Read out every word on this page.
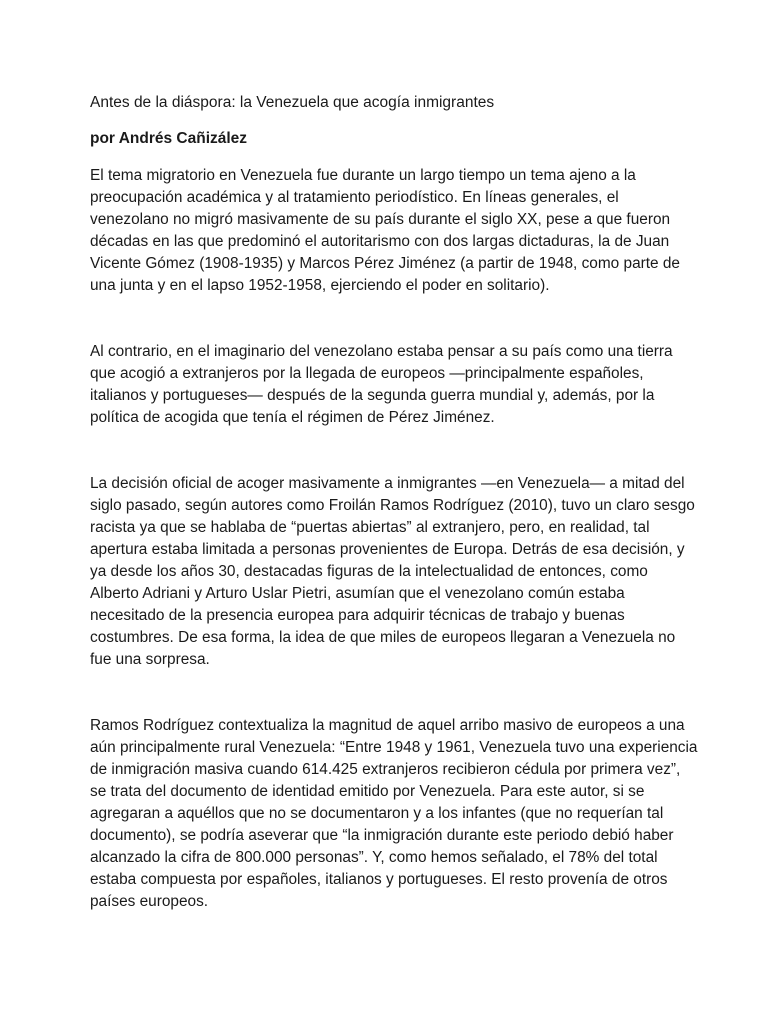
Antes de la diáspora: la Venezuela que acogía inmigrantes
por Andrés Cañizález
El tema migratorio en Venezuela fue durante un largo tiempo un tema ajeno a la
preocupación académica y al tratamiento periodístico. En líneas generales, el
venezolano no migró masivamente de su país durante el siglo XX, pese a que fueron
décadas en las que predominó el autoritarismo con dos largas dictaduras, la de Juan
Vicente Gómez (1908-1935) y Marcos Pérez Jiménez (a partir de 1948, como parte de
una junta y en el lapso 1952-1958, ejerciendo el poder en solitario).
Al contrario, en el imaginario del venezolano estaba pensar a su país como una tierra
que acogió a extranjeros por la llegada de europeos —principalmente españoles,
italianos y portugueses— después de la segunda guerra mundial y, además, por la
política de acogida que tenía el régimen de Pérez Jiménez.
La decisión oficial de acoger masivamente a inmigrantes —en Venezuela— a mitad del
siglo pasado, según autores como Froilán Ramos Rodríguez (2010), tuvo un claro sesgo
racista ya que se hablaba de “puertas abiertas” al extranjero, pero, en realidad, tal
apertura estaba limitada a personas provenientes de Europa. Detrás de esa decisión, y
ya desde los años 30, destacadas figuras de la intelectualidad de entonces, como
Alberto Adriani y Arturo Uslar Pietri, asumían que el venezolano común estaba
necesitado de la presencia europea para adquirir técnicas de trabajo y buenas
costumbres. De esa forma, la idea de que miles de europeos llegaran a Venezuela no
fue una sorpresa.
Ramos Rodríguez contextualiza la magnitud de aquel arribo masivo de europeos a una
aún principalmente rural Venezuela: “Entre 1948 y 1961, Venezuela tuvo una experiencia
de inmigración masiva cuando 614.425 extranjeros recibieron cédula por primera vez”,
se trata del documento de identidad emitido por Venezuela. Para este autor, si se
agregaran a aquéllos que no se documentaron y a los infantes (que no requerían tal
documento), se podría aseverar que “la inmigración durante este periodo debió haber
alcanzado la cifra de 800.000 personas”. Y, como hemos señalado, el 78% del total
estaba compuesta por españoles, italianos y portugueses. El resto provenía de otros
países europeos.
